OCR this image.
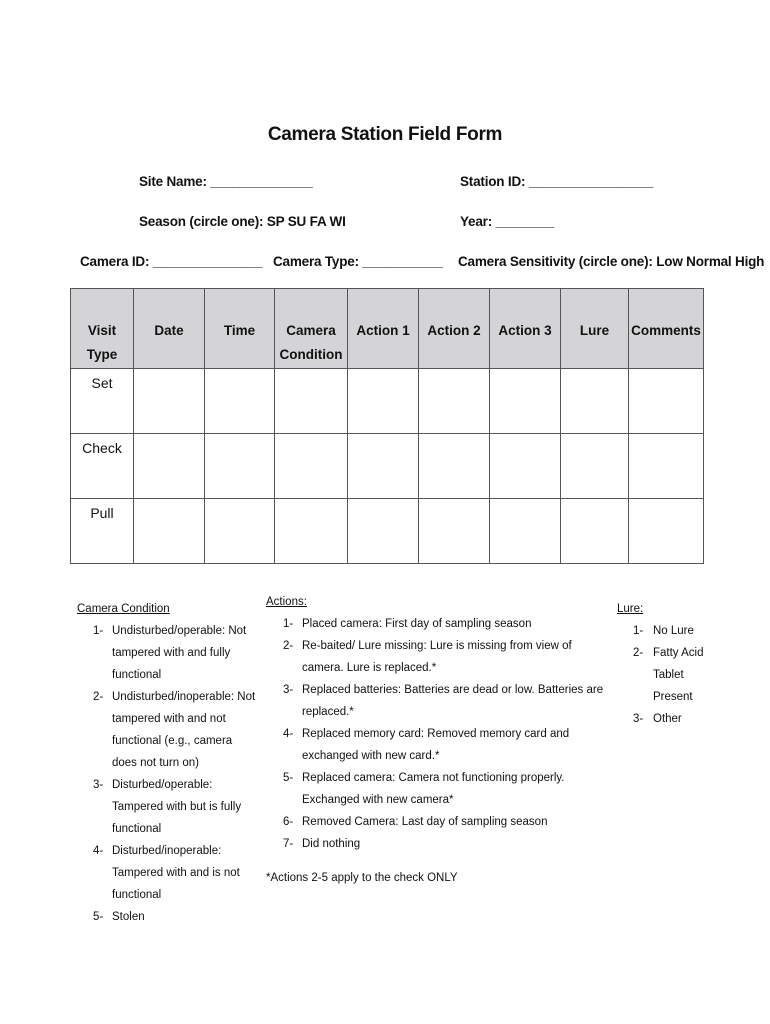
Camera Station Field Form
Site Name: ______________	Station ID: _________________
Season (circle one): SP SU FA WI	Year: ________
Camera ID: _______________ Camera Type: ___________ Camera Sensitivity (circle one): Low Normal High
Visit Type	Date	Time	Camera Condition	Action 1	Action 2	Action 3	Lure	Comments
Set								
Check								
Pull								
Camera Condition
1- Undisturbed/operable: Not tampered with and fully functional
2- Undisturbed/inoperable: Not tampered with and not functional (e.g., camera does not turn on)
3- Disturbed/operable: Tampered with but is fully functional
4- Disturbed/inoperable: Tampered with and is not functional
5- Stolen
Actions:
1- Placed camera: First day of sampling season
2- Re-baited/ Lure missing: Lure is missing from view of camera. Lure is replaced.*
3- Replaced batteries: Batteries are dead or low. Batteries are replaced.*
4- Replaced memory card: Removed memory card and exchanged with new card.*
5- Replaced camera: Camera not functioning properly. Exchanged with new camera*
6- Removed Camera: Last day of sampling season
7- Did nothing
*Actions 2-5 apply to the check ONLY
Lure:
1- No Lure
2- Fatty Acid Tablet Present
3- Other
